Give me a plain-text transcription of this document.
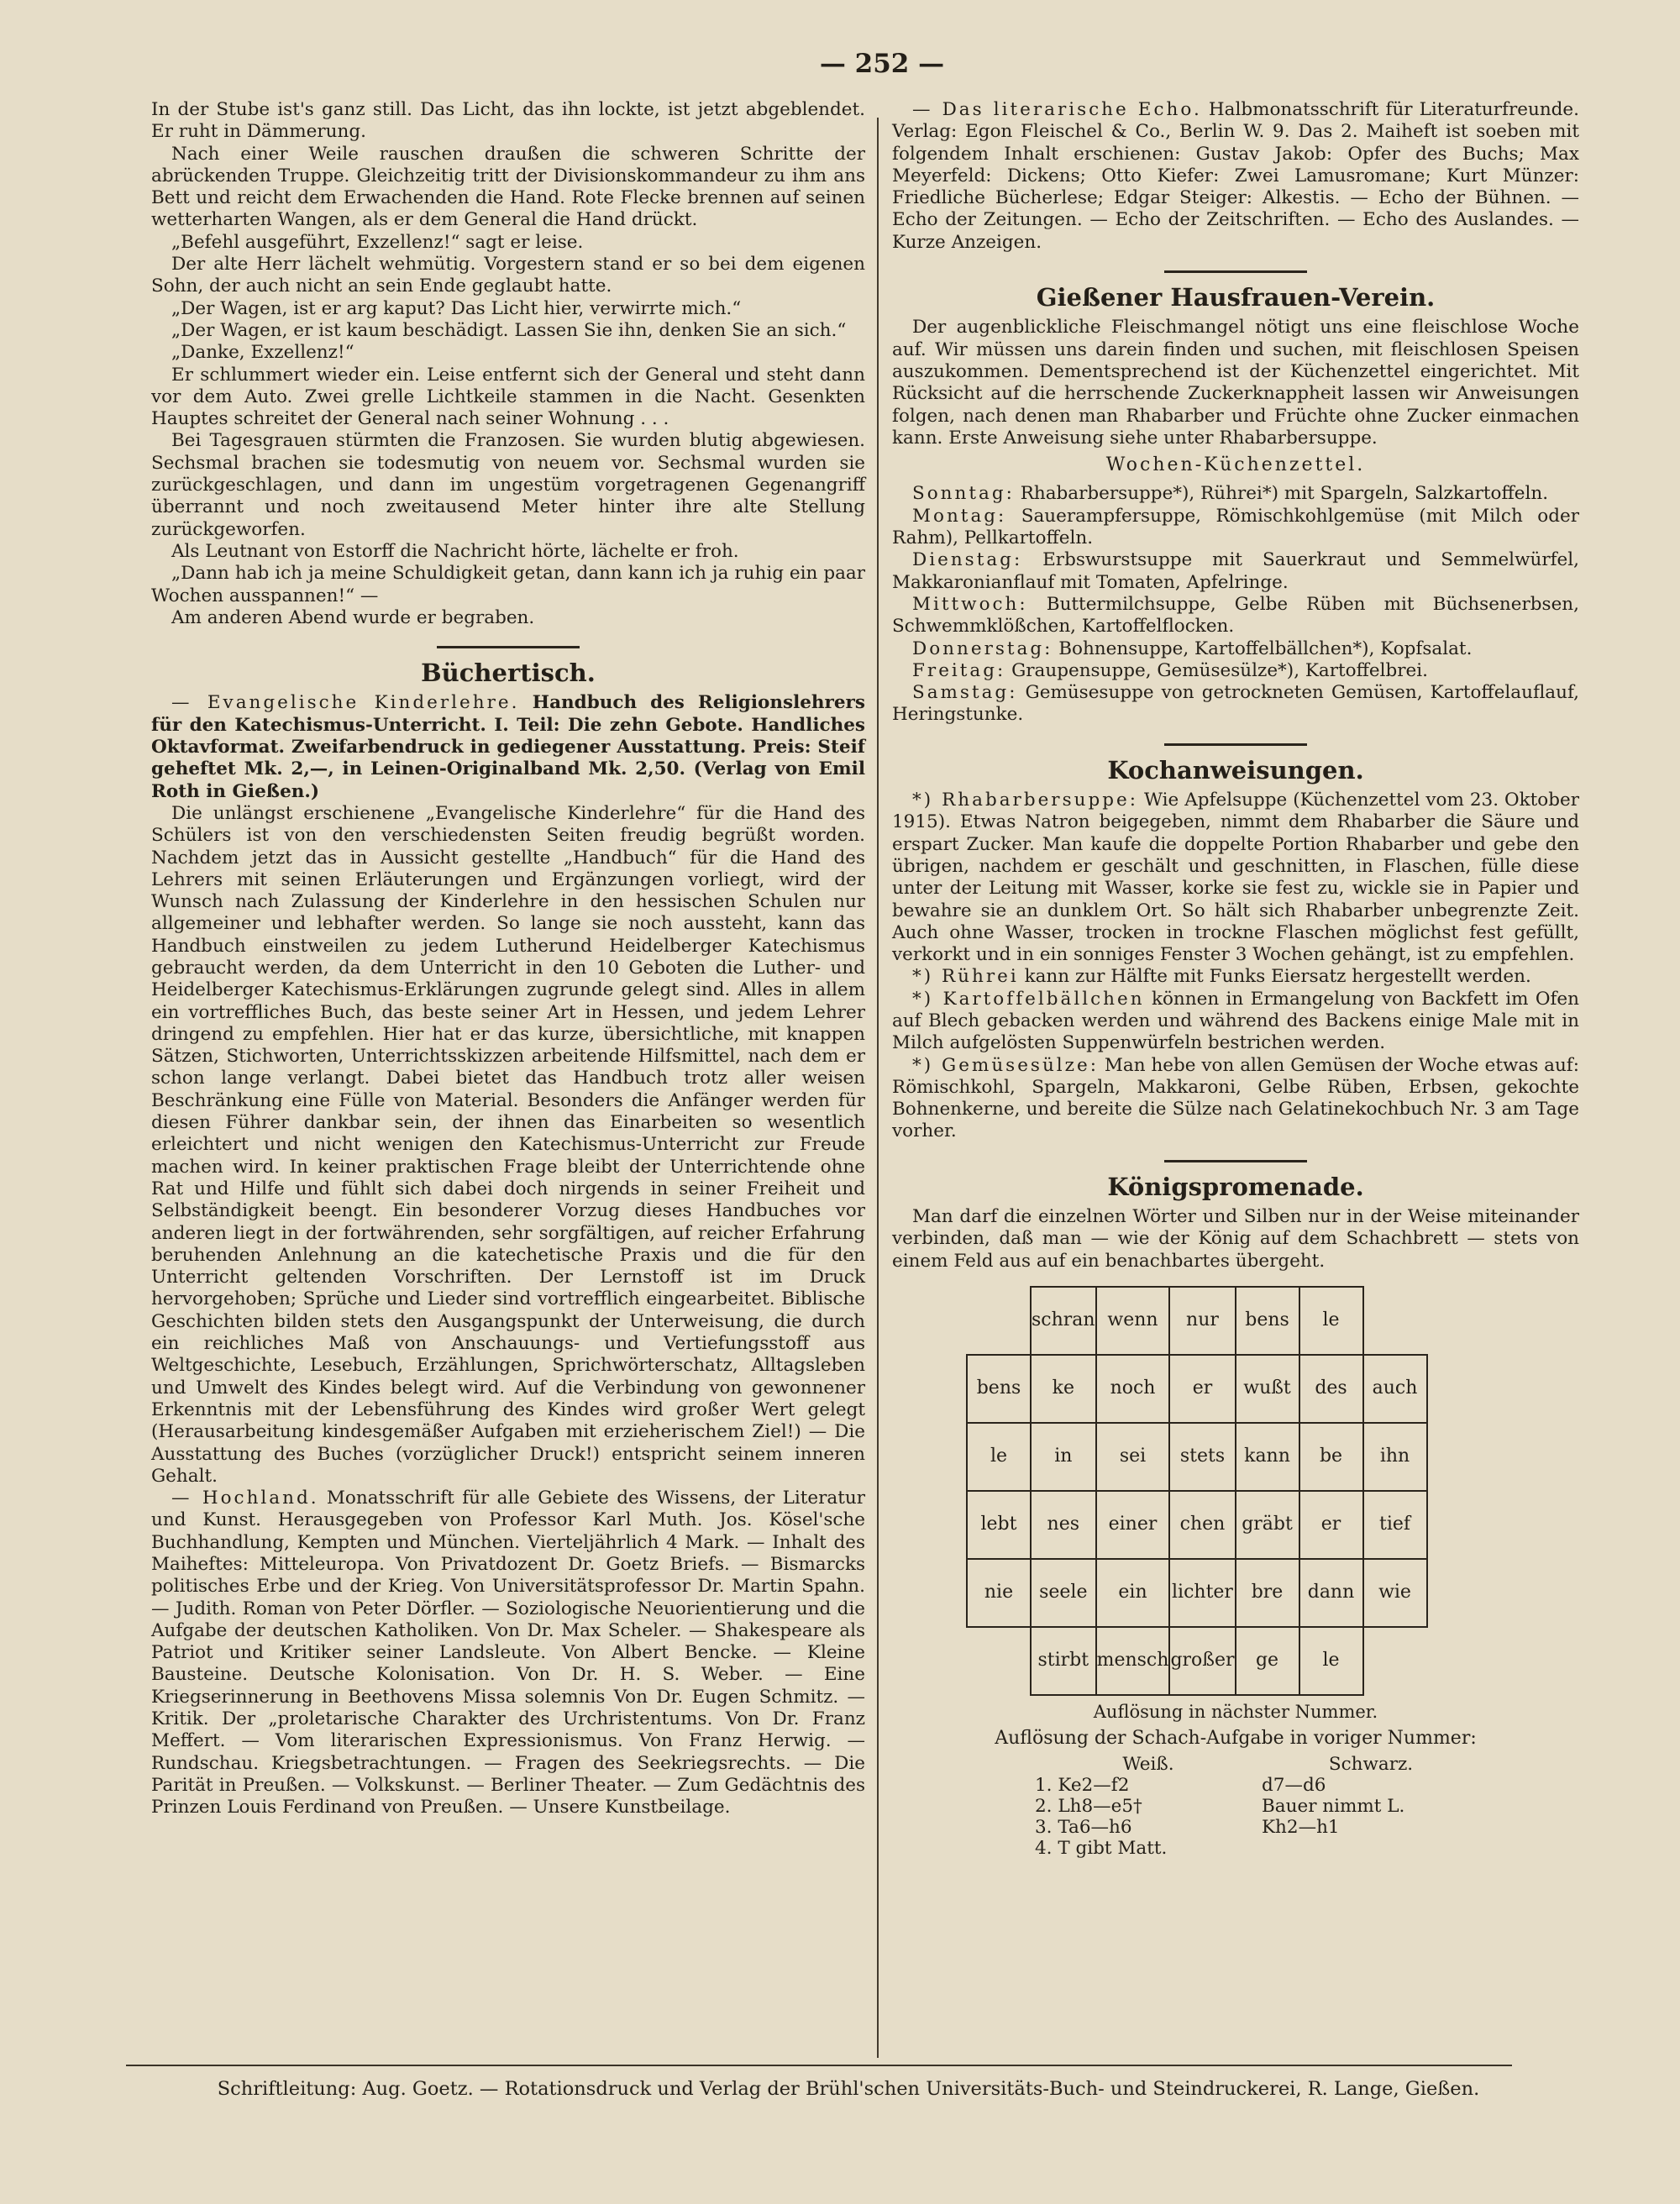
— 252 —

In der Stube ist's ganz still. Das Licht, das ihn lockte, ist jetzt abgeblendet. Er ruht in Dämmerung.

Nach einer Weile rauschen draußen die schweren Schritte der abrückenden Truppe. Gleichzeitig tritt der Divisionskommandeur zu ihm ans Bett und reicht dem Erwachenden die Hand. Rote Flecke brennen auf seinen wetterharten Wangen, als er dem General die Hand drückt.

„Befehl ausgeführt, Exzellenz!“ sagt er leise.

Der alte Herr lächelt wehmütig. Vorgestern stand er so bei dem eigenen Sohn, der auch nicht an sein Ende geglaubt hatte.

„Der Wagen, ist er arg kaput? Das Licht hier, verwirrte mich.“

„Der Wagen, er ist kaum beschädigt. Lassen Sie ihn, denken Sie an sich.“

„Danke, Exzellenz!“

Er schlummert wieder ein. Leise entfernt sich der General und steht dann vor dem Auto. Zwei grelle Lichtkeile stammen in die Nacht. Gesenkten Hauptes schreitet der General nach seiner Wohnung . . .

Bei Tagesgrauen stürmten die Franzosen. Sie wurden blutig abgewiesen. Sechsmal brachen sie todesmutig von neuem vor. Sechsmal wurden sie zurückgeschlagen, und dann im ungestüm vorgetragenen Gegenangriff überrannt und noch zweitausend Meter hinter ihre alte Stellung zurückgeworfen.

Als Leutnant von Estorff die Nachricht hörte, lächelte er froh.

„Dann hab ich ja meine Schuldigkeit getan, dann kann ich ja ruhig ein paar Wochen ausspannen!“ —

Am anderen Abend wurde er begraben.

Büchertisch.

— Evangelische Kinderlehre. Handbuch des Religionslehrers für den Katechismus-Unterricht. I. Teil: Die zehn Gebote. Handliches Oktavformat. Zweifarbendruck in gediegener Ausstattung. Preis: Steif geheftet Mk. 2,—, in Leinen-Originalband Mk. 2,50. (Verlag von Emil Roth in Gießen.)

Die unlängst erschienene „Evangelische Kinderlehre“ für die Hand des Schülers ist von den verschiedensten Seiten freudig begrüßt worden. Nachdem jetzt das in Aussicht gestellte „Handbuch“ für die Hand des Lehrers mit seinen Erläuterungen und Ergänzungen vorliegt, wird der Wunsch nach Zulassung der Kinderlehre in den hessischen Schulen nur allgemeiner und lebhafter werden. So lange sie noch aussteht, kann das Handbuch einstweilen zu jedem Lutherund Heidelberger Katechismus gebraucht werden, da dem Unterricht in den 10 Geboten die Luther- und Heidelberger Katechismus-Erklärungen zugrunde gelegt sind. Alles in allem ein vortreffliches Buch, das beste seiner Art in Hessen, und jedem Lehrer dringend zu empfehlen. Hier hat er das kurze, übersichtliche, mit knappen Sätzen, Stichworten, Unterrichtsskizzen arbeitende Hilfsmittel, nach dem er schon lange verlangt. Dabei bietet das Handbuch trotz aller weisen Beschränkung eine Fülle von Material. Besonders die Anfänger werden für diesen Führer dankbar sein, der ihnen das Einarbeiten so wesentlich erleichtert und nicht wenigen den Katechismus-Unterricht zur Freude machen wird. In keiner praktischen Frage bleibt der Unterrichtende ohne Rat und Hilfe und fühlt sich dabei doch nirgends in seiner Freiheit und Selbständigkeit beengt. Ein besonderer Vorzug dieses Handbuches vor anderen liegt in der fortwährenden, sehr sorgfältigen, auf reicher Erfahrung beruhenden Anlehnung an die katechetische Praxis und die für den Unterricht geltenden Vorschriften. Der Lernstoff ist im Druck hervorgehoben; Sprüche und Lieder sind vortrefflich eingearbeitet. Biblische Geschichten bilden stets den Ausgangspunkt der Unterweisung, die durch ein reichliches Maß von Anschauungs- und Vertiefungsstoff aus Weltgeschichte, Lesebuch, Erzählungen, Sprichwörterschatz, Alltagsleben und Umwelt des Kindes belegt wird. Auf die Verbindung von gewonnener Erkenntnis mit der Lebensführung des Kindes wird großer Wert gelegt (Herausarbeitung kindesgemäßer Aufgaben mit erzieherischem Ziel!) — Die Ausstattung des Buches (vorzüglicher Druck!) entspricht seinem inneren Gehalt.

— Hochland. Monatsschrift für alle Gebiete des Wissens, der Literatur und Kunst. Herausgegeben von Professor Karl Muth. Jos. Kösel'sche Buchhandlung, Kempten und München. Vierteljährlich 4 Mark. — Inhalt des Maiheftes: Mitteleuropa. Von Privatdozent Dr. Goetz Briefs. — Bismarcks politisches Erbe und der Krieg. Von Universitätsprofessor Dr. Martin Spahn. — Judith. Roman von Peter Dörfler. — Soziologische Neuorientierung und die Aufgabe der deutschen Katholiken. Von Dr. Max Scheler. — Shakespeare als Patriot und Kritiker seiner Landsleute. Von Albert Bencke. — Kleine Bausteine. Deutsche Kolonisation. Von Dr. H. S. Weber. — Eine Kriegserinnerung in Beethovens Missa solemnis Von Dr. Eugen Schmitz. — Kritik. Der „proletarische Charakter des Urchristentums. Von Dr. Franz Meffert. — Vom literarischen Expressionismus. Von Franz Herwig. — Rundschau. Kriegsbetrachtungen. — Fragen des Seekriegsrechts. — Die Parität in Preußen. — Volkskunst. — Berliner Theater. — Zum Gedächtnis des Prinzen Louis Ferdinand von Preußen. — Unsere Kunstbeilage.

— Das literarische Echo. Halbmonatsschrift für Literaturfreunde. Verlag: Egon Fleischel & Co., Berlin W. 9. Das 2. Maiheft ist soeben mit folgendem Inhalt erschienen: Gustav Jakob: Opfer des Buchs; Max Meyerfeld: Dickens; Otto Kiefer: Zwei Lamusromane; Kurt Münzer: Friedliche Bücherlese; Edgar Steiger: Alkestis. — Echo der Bühnen. — Echo der Zeitungen. — Echo der Zeitschriften. — Echo des Auslandes. — Kurze Anzeigen.

Gießener Hausfrauen-Verein.

Der augenblickliche Fleischmangel nötigt uns eine fleischlose Woche auf. Wir müssen uns darein finden und suchen, mit fleischlosen Speisen auszukommen. Dementsprechend ist der Küchenzettel eingerichtet. Mit Rücksicht auf die herrschende Zuckerknappheit lassen wir Anweisungen folgen, nach denen man Rhabarber und Früchte ohne Zucker einmachen kann. Erste Anweisung siehe unter Rhabarbersuppe.

Wochen-Küchenzettel.

Sonntag: Rhabarbersuppe*), Rührei*) mit Spargeln, Salzkartoffeln.

Montag: Sauerampfersuppe, Römischkohlgemüse (mit Milch oder Rahm), Pellkartoffeln.

Dienstag: Erbswurstsuppe mit Sauerkraut und Semmelwürfel, Makkaronianflauf mit Tomaten, Apfelringe.

Mittwoch: Buttermilchsuppe, Gelbe Rüben mit Büchsenerbsen, Schwemmklößchen, Kartoffelflocken.

Donnerstag: Bohnensuppe, Kartoffelbällchen*), Kopfsalat.

Freitag: Graupensuppe, Gemüsesülze*), Kartoffelbrei.

Samstag: Gemüsesuppe von getrockneten Gemüsen, Kartoffelauflauf, Heringstunke.

Kochanweisungen.

*) Rhabarbersuppe: Wie Apfelsuppe (Küchenzettel vom 23. Oktober 1915). Etwas Natron beigegeben, nimmt dem Rhabarber die Säure und erspart Zucker. Man kaufe die doppelte Portion Rhabarber und gebe den übrigen, nachdem er geschält und geschnitten, in Flaschen, fülle diese unter der Leitung mit Wasser, korke sie fest zu, wickle sie in Papier und bewahre sie an dunklem Ort. So hält sich Rhabarber unbegrenzte Zeit. Auch ohne Wasser, trocken in trockne Flaschen möglichst fest gefüllt, verkorkt und in ein sonniges Fenster 3 Wochen gehängt, ist zu empfehlen.

*) Rührei kann zur Hälfte mit Funks Eiersatz hergestellt werden.

*) Kartoffelbällchen können in Ermangelung von Backfett im Ofen auf Blech gebacken werden und während des Backens einige Male mit in Milch aufgelösten Suppenwürfeln bestrichen werden.

*) Gemüsesülze: Man hebe von allen Gemüsen der Woche etwas auf: Römischkohl, Spargeln, Makkaroni, Gelbe Rüben, Erbsen, gekochte Bohnenkerne, und bereite die Sülze nach Gelatinekochbuch Nr. 3 am Tage vorher.

Königspromenade.

Man darf die einzelnen Wörter und Silben nur in der Weise miteinander verbinden, daß man — wie der König auf dem Schachbrett — stets von einem Feld aus auf ein benachbartes übergeht.

	schran	wenn	nur	bens	le	
bens	ke	noch	er	wußt	des	auch
le	in	sei	stets	kann	be	ihn
lebt	nes	einer	chen	gräbt	er	tief
nie	seele	ein	lichter	bre	dann	wie
	stirbt	mensch	großer	ge	le	
Auflösung in nächster Nummer.
Auflösung der Schach-Aufgabe in voriger Nummer:
Weiß.	Schwarz.
1. Ke2—f2	d7—d6
2. Lh8—e5†	Bauer nimmt L.
3. Ta6—h6	Kh2—h1
4. T gibt Matt.
Schriftleitung: Aug. Goetz. — Rotationsdruck und Verlag der Brühl'schen Universitäts-Buch- und Steindruckerei, R. Lange, Gießen.
